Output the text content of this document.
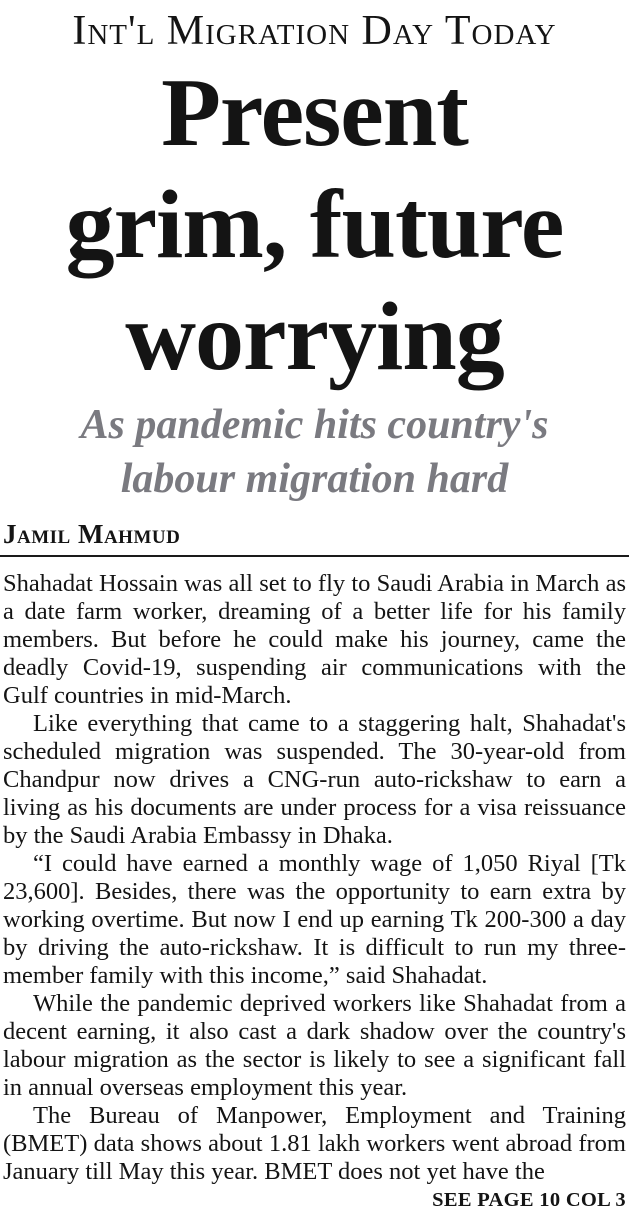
Int'l Migration Day Today
Present
grim, future
worrying
As pandemic hits country's
labour migration hard
Jamil Mahmud

Shahadat Hossain was all set to fly to Saudi Arabia in March as a date farm worker, dreaming of a better life for his family members. But before he could make his journey, came the deadly Covid-19, suspending air communications with the Gulf countries in mid-March.

Like everything that came to a staggering halt, Shahadat's scheduled migration was suspended. The 30-year-old from Chandpur now drives a CNG-run auto-rickshaw to earn a living as his documents are under process for a visa reissuance by the Saudi Arabia Embassy in Dhaka.

“I could have earned a monthly wage of 1,050 Riyal [Tk 23,600]. Besides, there was the opportunity to earn extra by working overtime. But now I end up earning Tk 200-300 a day by driving the auto-rickshaw. It is difficult to run my three-member family with this income,” said Shahadat.

While the pandemic deprived workers like Shahadat from a decent earning, it also cast a dark shadow over the country's labour migration as the sector is likely to see a significant fall in annual overseas employment this year.

The Bureau of Manpower, Employment and Training (BMET) data shows about 1.81 lakh workers went abroad from January till May this year. BMET does not yet have the

SEE PAGE 10 COL 3
